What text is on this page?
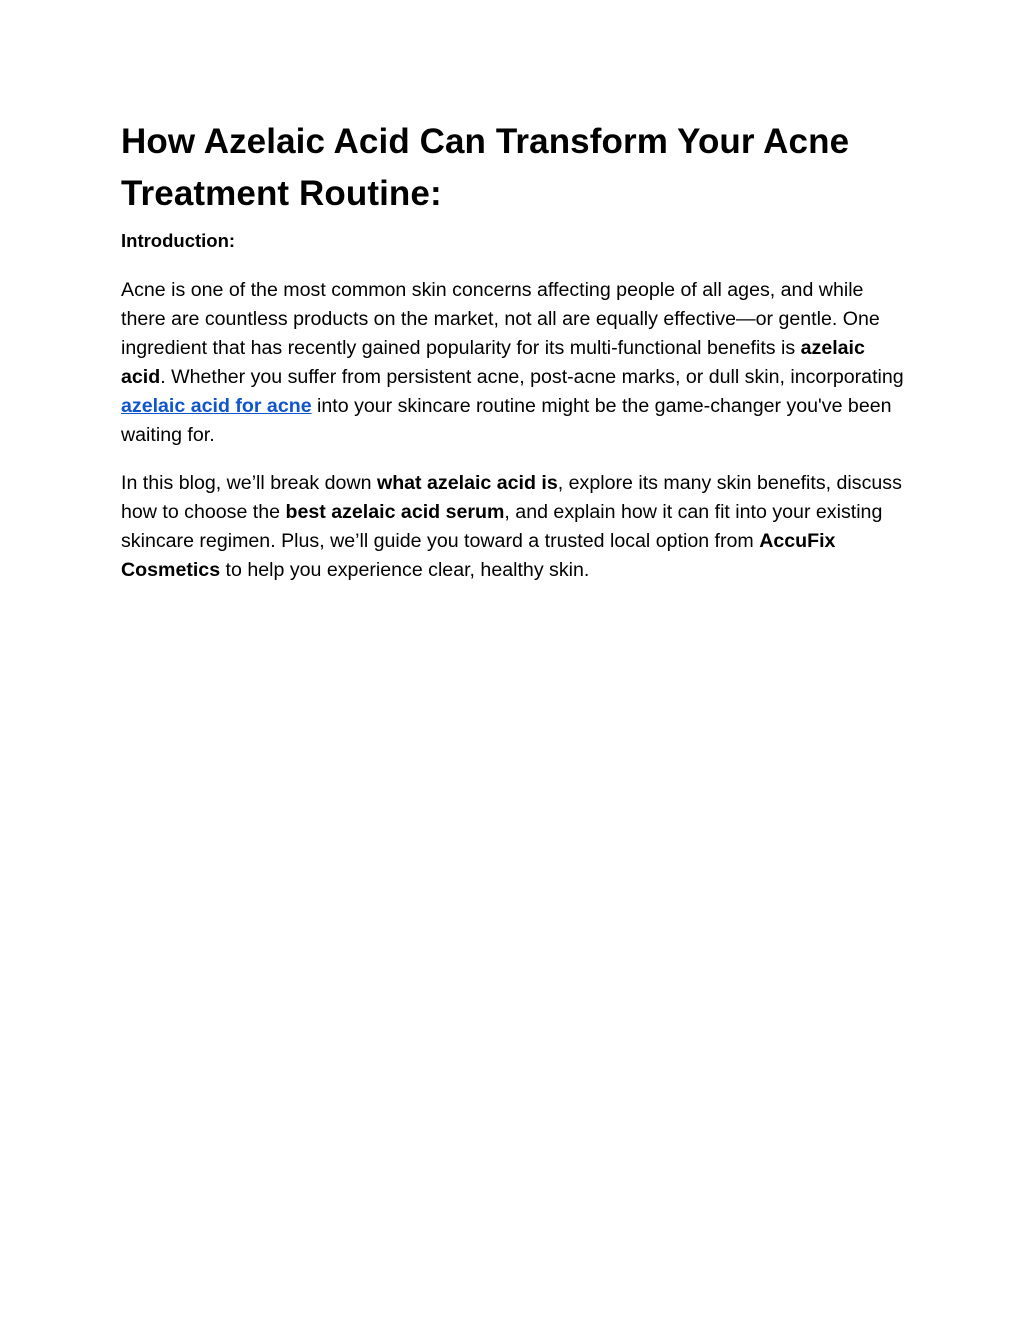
How Azelaic Acid Can Transform Your Acne Treatment Routine:
Introduction:

Acne is one of the most common skin concerns affecting people of all ages, and while there are countless products on the market, not all are equally effective—or gentle. One ingredient that has recently gained popularity for its multi-functional benefits is azelaic acid. Whether you suffer from persistent acne, post-acne marks, or dull skin, incorporating azelaic acid for acne into your skincare routine might be the game-changer you've been waiting for.

In this blog, we’ll break down what azelaic acid is, explore its many skin benefits, discuss how to choose the best azelaic acid serum, and explain how it can fit into your existing skincare regimen. Plus, we’ll guide you toward a trusted local option from AccuFix Cosmetics to help you experience clear, healthy skin.
